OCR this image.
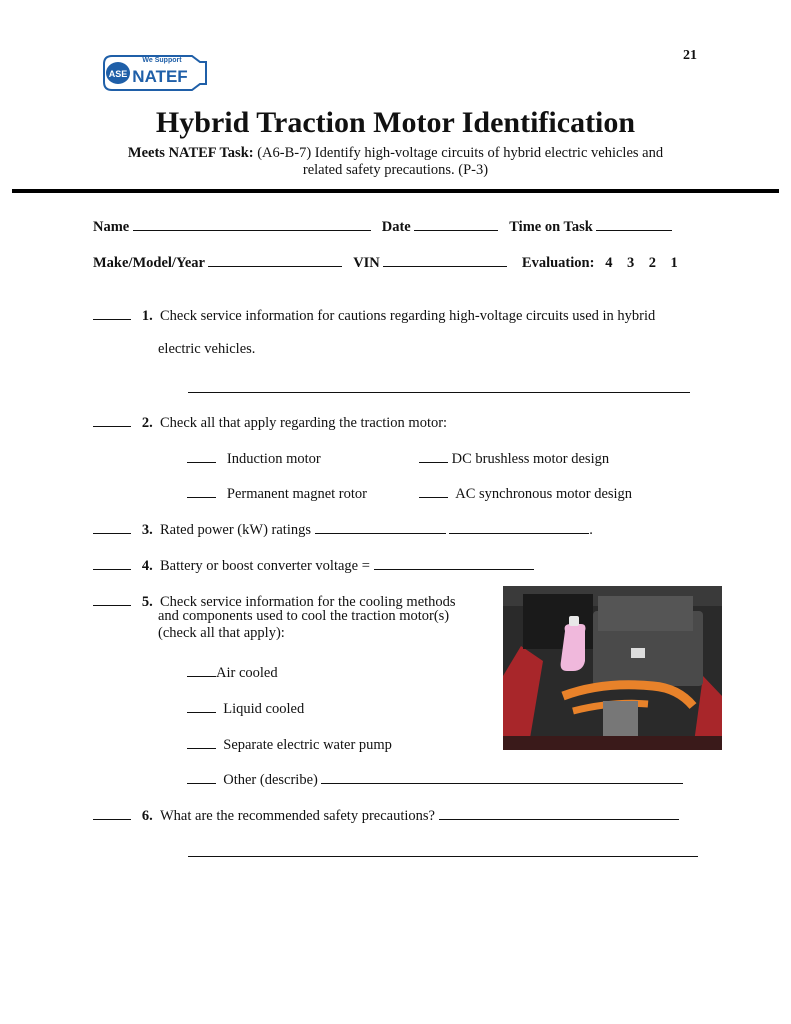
ASE
We Support
NATEF
21
Hybrid Traction Motor Identification
Meets NATEF Task: (A6-B-7) Identify high-voltage circuits of hybrid electric vehicles and
related safety precautions. (P-3)
Name	Date	Time on Task
Make/Model/Year	VIN	Evaluation: 4 3 2 1
1. Check service information for cautions regarding high-voltage circuits used in hybrid
electric vehicles.
2. Check all that apply regarding the traction motor:
Induction motor	DC brushless motor design
Permanent magnet rotor	AC synchronous motor design
3. Rated power (kW) ratings	.
4. Battery or boost converter voltage =
5. Check service information for the cooling methods
and components used to cool the traction motor(s)
(check all that apply):
Air cooled
Liquid cooled
Separate electric water pump
Other (describe)
6. What are the recommended safety precautions?
